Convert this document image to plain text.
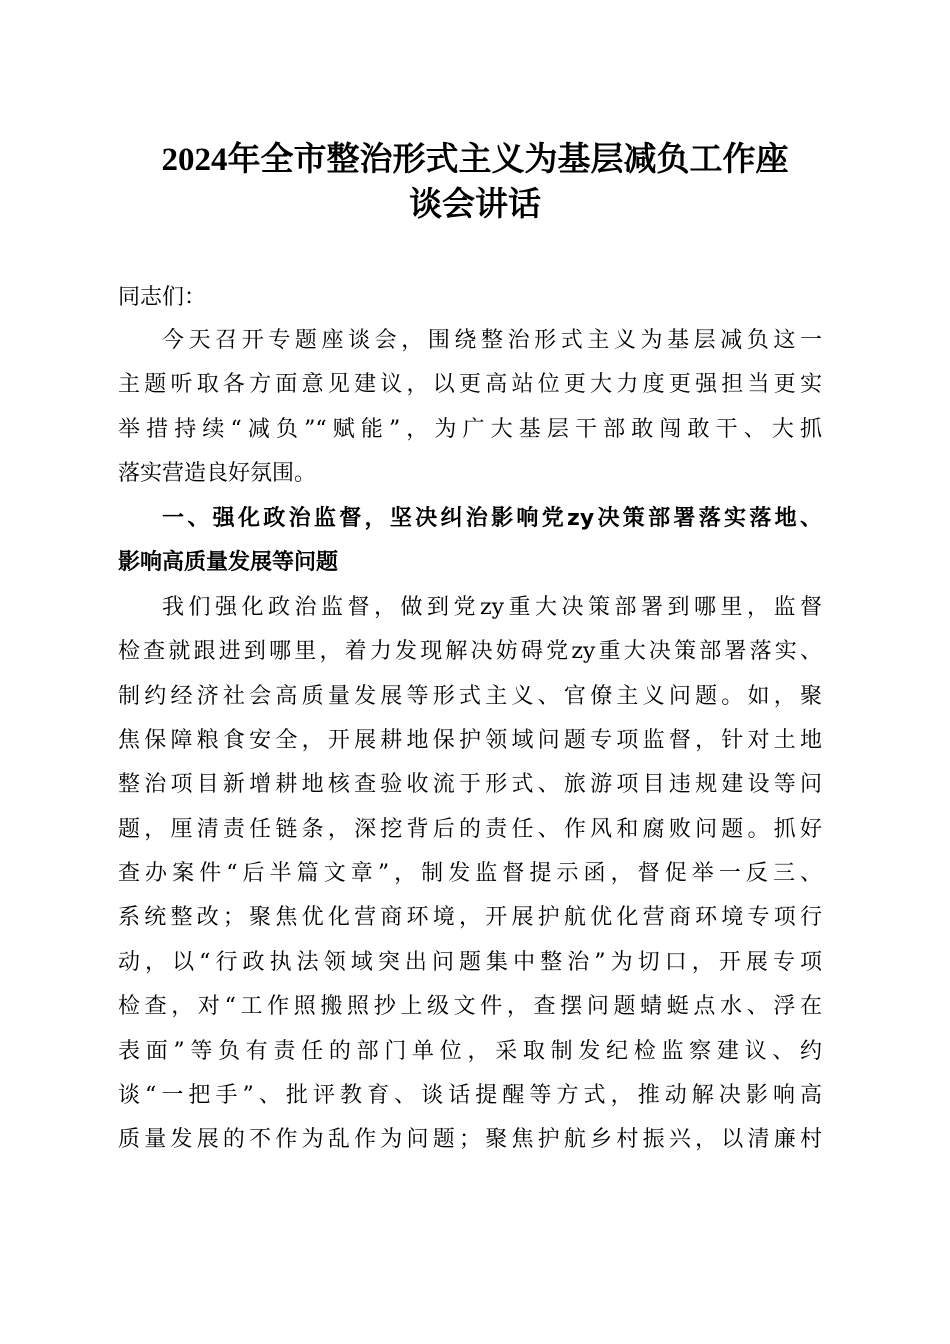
2024年全市整治形式主义为基层减负工作座
谈会讲话
同志们：
今天召开专题座谈会，围绕整治形式主义为基层减负这一
主题听取各方面意见建议，以更高站位更大力度更强担当更实
举措持续“减负”“赋能”，为广大基层干部敢闯敢干、大抓
落实营造良好氛围。
一、强化政治监督，坚决纠治影响党zy决策部署落实落地、
影响高质量发展等问题
我们强化政治监督，做到党zy重大决策部署到哪里，监督
检查就跟进到哪里，着力发现解决妨碍党zy重大决策部署落实、
制约经济社会高质量发展等形式主义、官僚主义问题。如，聚
焦保障粮食安全，开展耕地保护领域问题专项监督，针对土地
整治项目新增耕地核查验收流于形式、旅游项目违规建设等问
题，厘清责任链条，深挖背后的责任、作风和腐败问题。抓好
查办案件“后半篇文章”，制发监督提示函，督促举一反三、
系统整改；聚焦优化营商环境，开展护航优化营商环境专项行
动，以“行政执法领域突出问题集中整治”为切口，开展专项
检查，对“工作照搬照抄上级文件，查摆问题蜻蜓点水、浮在
表面”等负有责任的部门单位，采取制发纪检监察建议、约
谈“一把手”、批评教育、谈话提醒等方式，推动解决影响高
质量发展的不作为乱作为问题；聚焦护航乡村振兴，以清廉村
